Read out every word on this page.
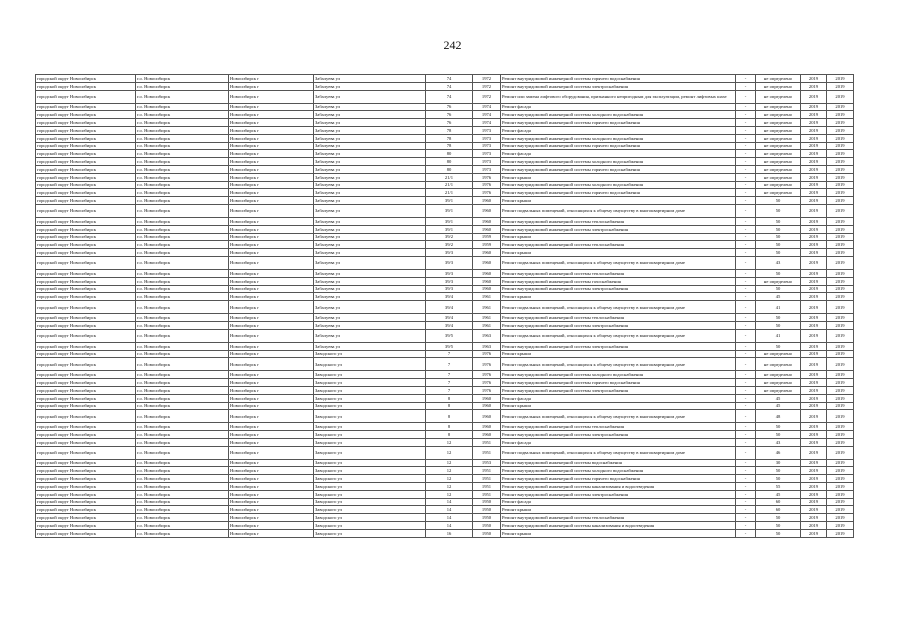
242
городской округ Новосибирск	г.о. Новосибирск	Новосибирск г	Забалуева ул	74	1972	Ремонт внутридомовой инженерной системы горячего водоснабжения	-	не определено	2019	2019
городской округ Новосибирск	г.о. Новосибирск	Новосибирск г	Забалуева ул	74	1972	Ремонт внутридомовой инженерной системы электроснабжения	-	не определено	2019	2019
городской округ Новосибирск	г.о. Новосибирск	Новосибирск г	Забалуева ул	74	1972	Ремонт или замена лифтового оборудования, признанного непригодным для эксплуатации, ремонт лифтовых шахт	-	не определено	2019	2019
городской округ Новосибирск	г.о. Новосибирск	Новосибирск г	Забалуева ул	76	1974	Ремонт фасада	-	не определено	2019	2019
городской округ Новосибирск	г.о. Новосибирск	Новосибирск г	Забалуева ул	76	1974	Ремонт внутридомовой инженерной системы холодного водоснабжения	-	не определено	2019	2019
городской округ Новосибирск	г.о. Новосибирск	Новосибирск г	Забалуева ул	76	1974	Ремонт внутридомовой инженерной системы горячего водоснабжения	-	не определено	2019	2019
городской округ Новосибирск	г.о. Новосибирск	Новосибирск г	Забалуева ул	78	1973	Ремонт фасада	-	не определено	2019	2019
городской округ Новосибирск	г.о. Новосибирск	Новосибирск г	Забалуева ул	78	1973	Ремонт внутридомовой инженерной системы холодного водоснабжения	-	не определено	2019	2019
городской округ Новосибирск	г.о. Новосибирск	Новосибирск г	Забалуева ул	78	1973	Ремонт внутридомовой инженерной системы горячего водоснабжения	-	не определено	2019	2019
городской округ Новосибирск	г.о. Новосибирск	Новосибирск г	Забалуева ул	80	1973	Ремонт фасада	-	не определено	2019	2019
городской округ Новосибирск	г.о. Новосибирск	Новосибирск г	Забалуева ул	80	1973	Ремонт внутридомовой инженерной системы холодного водоснабжения	-	не определено	2019	2019
городской округ Новосибирск	г.о. Новосибирск	Новосибирск г	Забалуева ул	80	1973	Ремонт внутридомовой инженерной системы горячего водоснабжения	-	не определено	2019	2019
городской округ Новосибирск	г.о. Новосибирск	Новосибирск г	Забалуева ул	21/1	1976	Ремонт крыши	-	не определено	2019	2019
городской округ Новосибирск	г.о. Новосибирск	Новосибирск г	Забалуева ул	21/1	1976	Ремонт внутридомовой инженерной системы холодного водоснабжения	-	не определено	2019	2019
городской округ Новосибирск	г.о. Новосибирск	Новосибирск г	Забалуева ул	21/1	1976	Ремонт внутридомовой инженерной системы горячего водоснабжения	-	не определено	2019	2019
городской округ Новосибирск	г.о. Новосибирск	Новосибирск г	Забалуева ул	39/1	1960	Ремонт крыши	-	50	2019	2019
городской округ Новосибирск	г.о. Новосибирск	Новосибирск г	Забалуева ул	39/1	1960	Ремонт подвальных помещений, относящихся к общему имуществу в многоквартирном доме	-	50	2019	2019
городской округ Новосибирск	г.о. Новосибирск	Новосибирск г	Забалуева ул	39/1	1960	Ремонт внутридомовой инженерной системы теплоснабжения	-	50	2019	2019
городской округ Новосибирск	г.о. Новосибирск	Новосибирск г	Забалуева ул	39/1	1960	Ремонт внутридомовой инженерной системы электроснабжения	-	50	2019	2019
городской округ Новосибирск	г.о. Новосибирск	Новосибирск г	Забалуева ул	39/2	1959	Ремонт крыши	-	50	2019	2019
городской округ Новосибирск	г.о. Новосибирск	Новосибирск г	Забалуева ул	39/2	1959	Ремонт внутридомовой инженерной системы теплоснабжения	-	50	2019	2019
городской округ Новосибирск	г.о. Новосибирск	Новосибирск г	Забалуева ул	39/3	1960	Ремонт крыши	-	50	2019	2019
городской округ Новосибирск	г.о. Новосибирск	Новосибирск г	Забалуева ул	39/3	1960	Ремонт подвальных помещений, относящихся к общему имуществу в многоквартирном доме	-	43	2019	2019
городской округ Новосибирск	г.о. Новосибирск	Новосибирск г	Забалуева ул	39/3	1960	Ремонт внутридомовой инженерной системы теплоснабжения	-	50	2019	2019
городской округ Новосибирск	г.о. Новосибирск	Новосибирск г	Забалуева ул	39/3	1960	Ремонт внутридомовой инженерной системы газоснабжения	-	не определено	2019	2019
городской округ Новосибирск	г.о. Новосибирск	Новосибирск г	Забалуева ул	39/3	1960	Ремонт внутридомовой инженерной системы электроснабжения	-	50	2019	2019
городской округ Новосибирск	г.о. Новосибирск	Новосибирск г	Забалуева ул	39/4	1961	Ремонт крыши	-	45	2019	2019
городской округ Новосибирск	г.о. Новосибирск	Новосибирск г	Забалуева ул	39/4	1961	Ремонт подвальных помещений, относящихся к общему имуществу в многоквартирном доме	-	41	2019	2019
городской округ Новосибирск	г.о. Новосибирск	Новосибирск г	Забалуева ул	39/4	1961	Ремонт внутридомовой инженерной системы теплоснабжения	-	50	2019	2019
городской округ Новосибирск	г.о. Новосибирск	Новосибирск г	Забалуева ул	39/4	1961	Ремонт внутридомовой инженерной системы электроснабжения	-	50	2019	2019
городской округ Новосибирск	г.о. Новосибирск	Новосибирск г	Забалуева ул	39/5	1963	Ремонт подвальных помещений, относящихся к общему имуществу в многоквартирном доме	-	41	2019	2019
городской округ Новосибирск	г.о. Новосибирск	Новосибирск г	Забалуева ул	39/5	1963	Ремонт внутридомовой инженерной системы электроснабжения	-	50	2019	2019
городской округ Новосибирск	г.о. Новосибирск	Новосибирск г	Заводского ул	7	1976	Ремонт крыши	-	не определено	2019	2019
городской округ Новосибирск	г.о. Новосибирск	Новосибирск г	Заводского ул	7	1976	Ремонт подвальных помещений, относящихся к общему имуществу в многоквартирном доме	-	не определено	2019	2019
городской округ Новосибирск	г.о. Новосибирск	Новосибирск г	Заводского ул	7	1976	Ремонт внутридомовой инженерной системы холодного водоснабжения	-	не определено	2019	2019
городской округ Новосибирск	г.о. Новосибирск	Новосибирск г	Заводского ул	7	1976	Ремонт внутридомовой инженерной системы горячего водоснабжения	-	не определено	2019	2019
городской округ Новосибирск	г.о. Новосибирск	Новосибирск г	Заводского ул	7	1976	Ремонт внутридомовой инженерной системы электроснабжения	-	не определено	2019	2019
городской округ Новосибирск	г.о. Новосибирск	Новосибирск г	Заводского ул	8	1960	Ремонт фасада	-	45	2019	2019
городской округ Новосибирск	г.о. Новосибирск	Новосибирск г	Заводского ул	8	1960	Ремонт крыши	-	45	2019	2019
городской округ Новосибирск	г.о. Новосибирск	Новосибирск г	Заводского ул	8	1960	Ремонт подвальных помещений, относящихся к общему имуществу в многоквартирном доме	-	48	2019	2019
городской округ Новосибирск	г.о. Новосибирск	Новосибирск г	Заводского ул	8	1960	Ремонт внутридомовой инженерной системы теплоснабжения	-	50	2019	2019
городской округ Новосибирск	г.о. Новосибирск	Новосибирск г	Заводского ул	8	1960	Ремонт внутридомовой инженерной системы электроснабжения	-	50	2019	2019
городской округ Новосибирск	г.о. Новосибирск	Новосибирск г	Заводского ул	12	1951	Ремонт фасада	-	43	2019	2019
городской округ Новосибирск	г.о. Новосибирск	Новосибирск г	Заводского ул	12	1951	Ремонт подвальных помещений, относящихся к общему имуществу в многоквартирном доме	-	46	2019	2019
городской округ Новосибирск	г.о. Новосибирск	Новосибирск г	Заводского ул	12	1953	Ремонт внутридомовой инженерной системы водоснабжения	-	30	2019	2019
городской округ Новосибирск	г.о. Новосибирск	Новосибирск г	Заводского ул	12	1951	Ремонт внутридомовой инженерной системы холодного водоснабжения	-	50	2019	2019
городской округ Новосибирск	г.о. Новосибирск	Новосибирск г	Заводского ул	12	1951	Ремонт внутридомовой инженерной системы горячего водоснабжения	-	50	2019	2019
городской округ Новосибирск	г.о. Новосибирск	Новосибирск г	Заводского ул	12	1951	Ремонт внутридомовой инженерной системы канализования и водоотведения	-	55	2019	2019
городской округ Новосибирск	г.о. Новосибирск	Новосибирск г	Заводского ул	12	1951	Ремонт внутридомовой инженерной системы электроснабжения	-	45	2019	2019
городской округ Новосибирск	г.о. Новосибирск	Новосибирск г	Заводского ул	14	1950	Ремонт фасада	-	60	2019	2019
городской округ Новосибирск	г.о. Новосибирск	Новосибирск г	Заводского ул	14	1950	Ремонт крыши	-	60	2019	2019
городской округ Новосибирск	г.о. Новосибирск	Новосибирск г	Заводского ул	14	1950	Ремонт внутридомовой инженерной системы теплоснабжения	-	50	2019	2019
городской округ Новосибирск	г.о. Новосибирск	Новосибирск г	Заводского ул	14	1950	Ремонт внутридомовой инженерной системы канализования и водоотведения	-	50	2019	2019
городской округ Новосибирск	г.о. Новосибирск	Новосибирск г	Заводского ул	16	1950	Ремонт крыши	-	50	2019	2019
